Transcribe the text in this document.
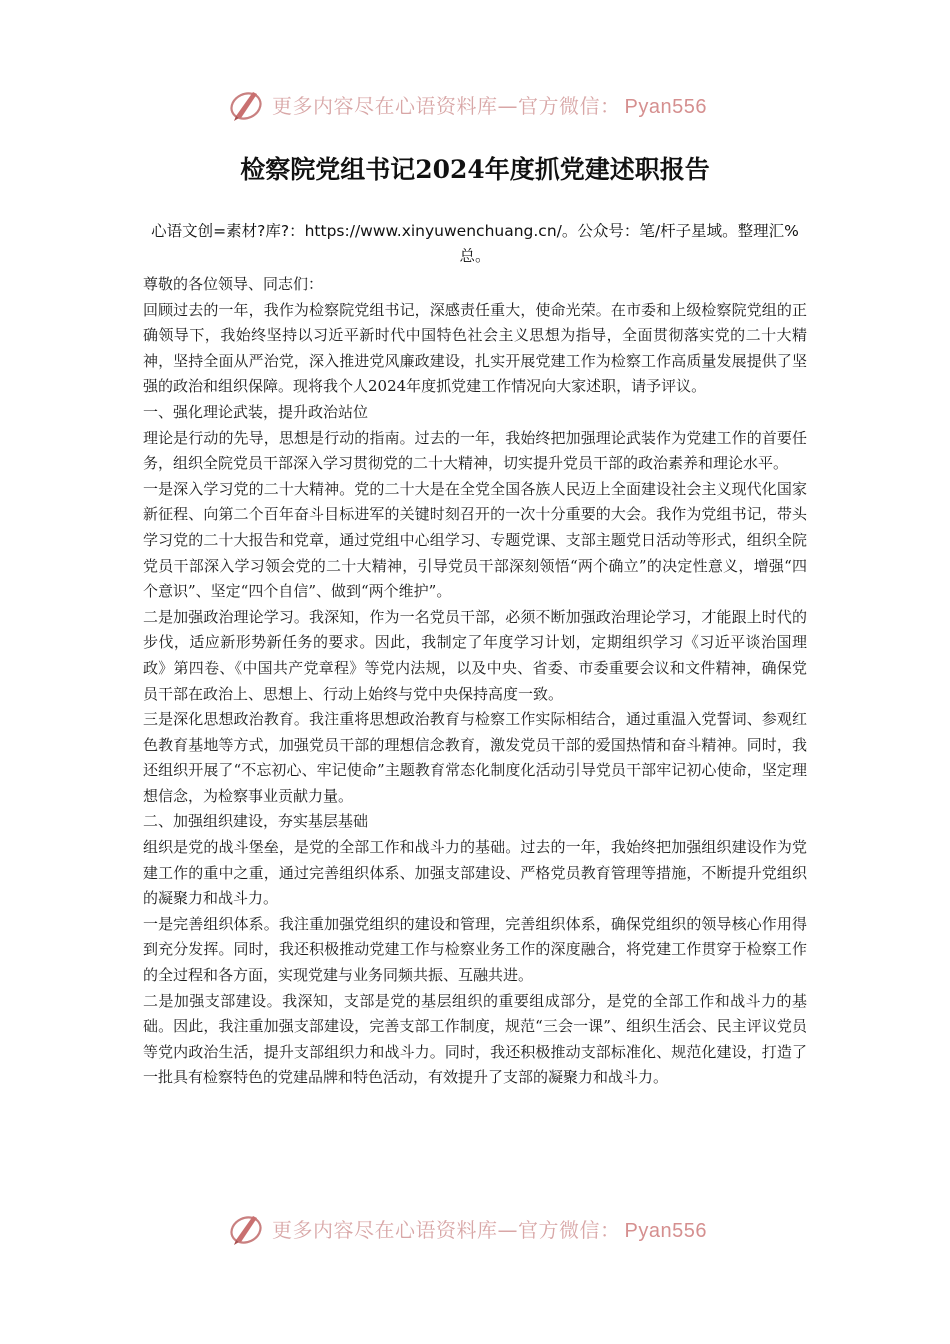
更多内容尽在心语资料库—官方微信： Pyan556
检察院党组书记2024年度抓党建述职报告
心语文创=素材?库?：https://www.xinyuwenchuang.cn/。公众号：笔/杆子星域。整理汇%总。

尊敬的各位领导、同志们：

回顾过去的一年，我作为检察院党组书记，深感责任重大，使命光荣。在市委和上级检察院党组的正确领导下，我始终坚持以习近平新时代中国特色社会主义思想为指导，全面贯彻落实党的二十大精神，坚持全面从严治党，深入推进党风廉政建设，扎实开展党建工作为检察工作高质量发展提供了坚强的政治和组织保障。现将我个人2024年度抓党建工作情况向大家述职，请予评议。

一、强化理论武装，提升政治站位

理论是行动的先导，思想是行动的指南。过去的一年，我始终把加强理论武装作为党建工作的首要任务，组织全院党员干部深入学习贯彻党的二十大精神，切实提升党员干部的政治素养和理论水平。

一是深入学习党的二十大精神。党的二十大是在全党全国各族人民迈上全面建设社会主义现代化国家新征程、向第二个百年奋斗目标进军的关键时刻召开的一次十分重要的大会。我作为党组书记，带头学习党的二十大报告和党章，通过党组中心组学习、专题党课、支部主题党日活动等形式，组织全院党员干部深入学习领会党的二十大精神，引导党员干部深刻领悟“两个确立”的决定性意义，增强“四个意识”、坚定“四个自信”、做到“两个维护”。

二是加强政治理论学习。我深知，作为一名党员干部，必须不断加强政治理论学习，才能跟上时代的步伐，适应新形势新任务的要求。因此，我制定了年度学习计划，定期组织学习《习近平谈治国理政》第四卷、《中国共产党章程》等党内法规，以及中央、省委、市委重要会议和文件精神，确保党员干部在政治上、思想上、行动上始终与党中央保持高度一致。

三是深化思想政治教育。我注重将思想政治教育与检察工作实际相结合，通过重温入党誓词、参观红色教育基地等方式，加强党员干部的理想信念教育，激发党员干部的爱国热情和奋斗精神。同时，我还组织开展了“不忘初心、牢记使命”主题教育常态化制度化活动引导党员干部牢记初心使命，坚定理想信念，为检察事业贡献力量。

二、加强组织建设，夯实基层基础

组织是党的战斗堡垒，是党的全部工作和战斗力的基础。过去的一年，我始终把加强组织建设作为党建工作的重中之重，通过完善组织体系、加强支部建设、严格党员教育管理等措施，不断提升党组织的凝聚力和战斗力。

一是完善组织体系。我注重加强党组织的建设和管理，完善组织体系，确保党组织的领导核心作用得到充分发挥。同时，我还积极推动党建工作与检察业务工作的深度融合，将党建工作贯穿于检察工作的全过程和各方面，实现党建与业务同频共振、互融共进。

二是加强支部建设。我深知，支部是党的基层组织的重要组成部分，是党的全部工作和战斗力的基础。因此，我注重加强支部建设，完善支部工作制度，规范“三会一课”、组织生活会、民主评议党员等党内政治生活，提升支部组织力和战斗力。同时，我还积极推动支部标准化、规范化建设，打造了一批具有检察特色的党建品牌和特色活动，有效提升了支部的凝聚力和战斗力。

更多内容尽在心语资料库—官方微信： Pyan556
